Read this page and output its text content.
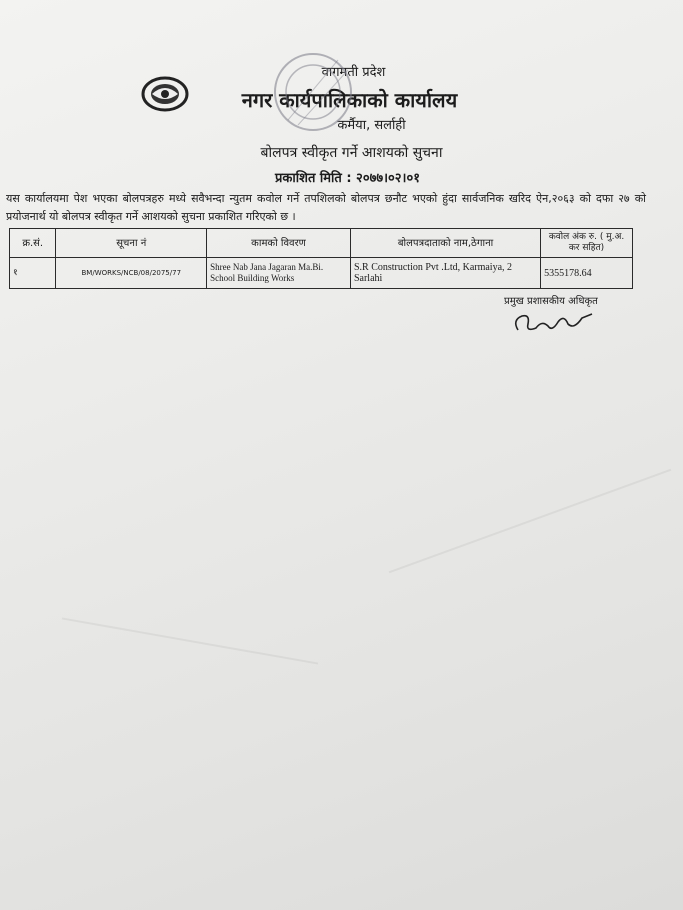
वागमती प्रदेश
नगर कार्यपालिकाको कार्यालय
कर्मैया, सर्लाही
बोलपत्र स्वीकृत गर्ने आशयको सुचना
प्रकाशित मिति : २०७७।०२।०१
यस कार्यालयमा पेश भएका बोलपत्रहरु मध्ये सवैभन्दा न्युतम कवोल गर्ने तपशिलको बोलपत्र छनौट भएको हुंदा सार्वजनिक खरिद ऐन,२०६३ को दफा २७ को प्रयोजनार्थ यो बोलपत्र स्वीकृत गर्ने आशयको सुचना प्रकाशित गरिएको छ ।
क्र.सं.	सूचना नं	कामको विवरण	बोलपत्रदाताको नाम,ठेगाना	कवोल अंक रु. ( मु.अ. कर सहित)
१	BM/WORKS/NCB/08/2075/77	Shree Nab Jana Jagaran Ma.Bi. School Building Works	S.R Construction Pvt .Ltd, Karmaiya, 2 Sarlahi	5355178.64
प्रमुख प्रशासकीय अधिकृत
